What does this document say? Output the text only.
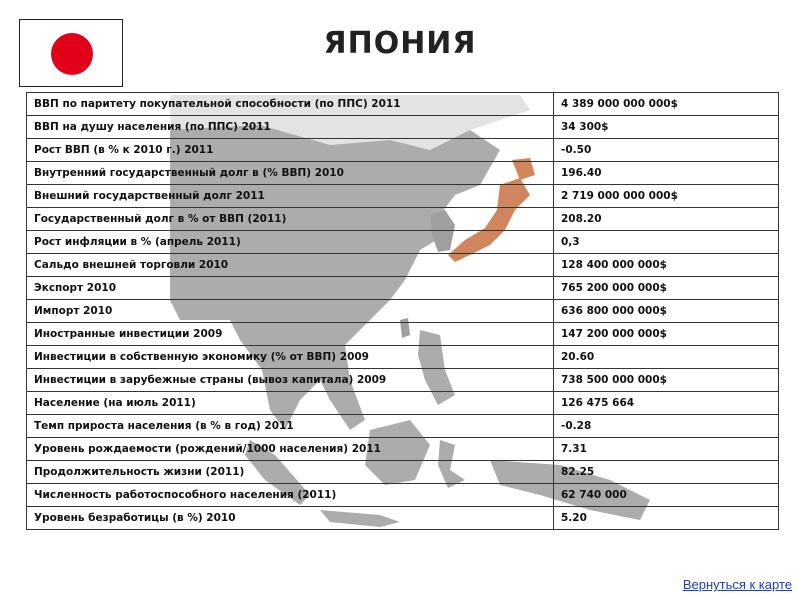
ЯПОНИЯ
ВВП по паритету покупательной способности (по ППС) 2011	4 389 000 000 000$
ВВП на душу населения (по ППС) 2011	34 300$
Рост ВВП (в % к 2010 г.) 2011	-0.50
Внутренний государственный долг в (% ВВП) 2010	196.40
Внешний государственный долг 2011	2 719 000 000 000$
Государственный долг в % от ВВП (2011)	208.20
Рост инфляции в % (апрель 2011)	0,3
Сальдо внешней торговли 2010	128 400 000 000$
Экспорт 2010	765 200 000 000$
Импорт 2010	636 800 000 000$
Иностранные инвестиции 2009	147 200 000 000$
Инвестиции в собственную экономику (% от ВВП) 2009	20.60
Инвестиции в зарубежные страны (вывоз капитала) 2009	738 500 000 000$
Население (на июль 2011)	126 475 664
Темп прироста населения (в % в год) 2011	-0.28
Уровень рождаемости (рождений/1000 населения) 2011	7.31
Продолжительность жизни (2011)	82.25
Численность работоспособного населения (2011)	62 740 000
Уровень безработицы (в %) 2010	5.20
Вернуться к карте
